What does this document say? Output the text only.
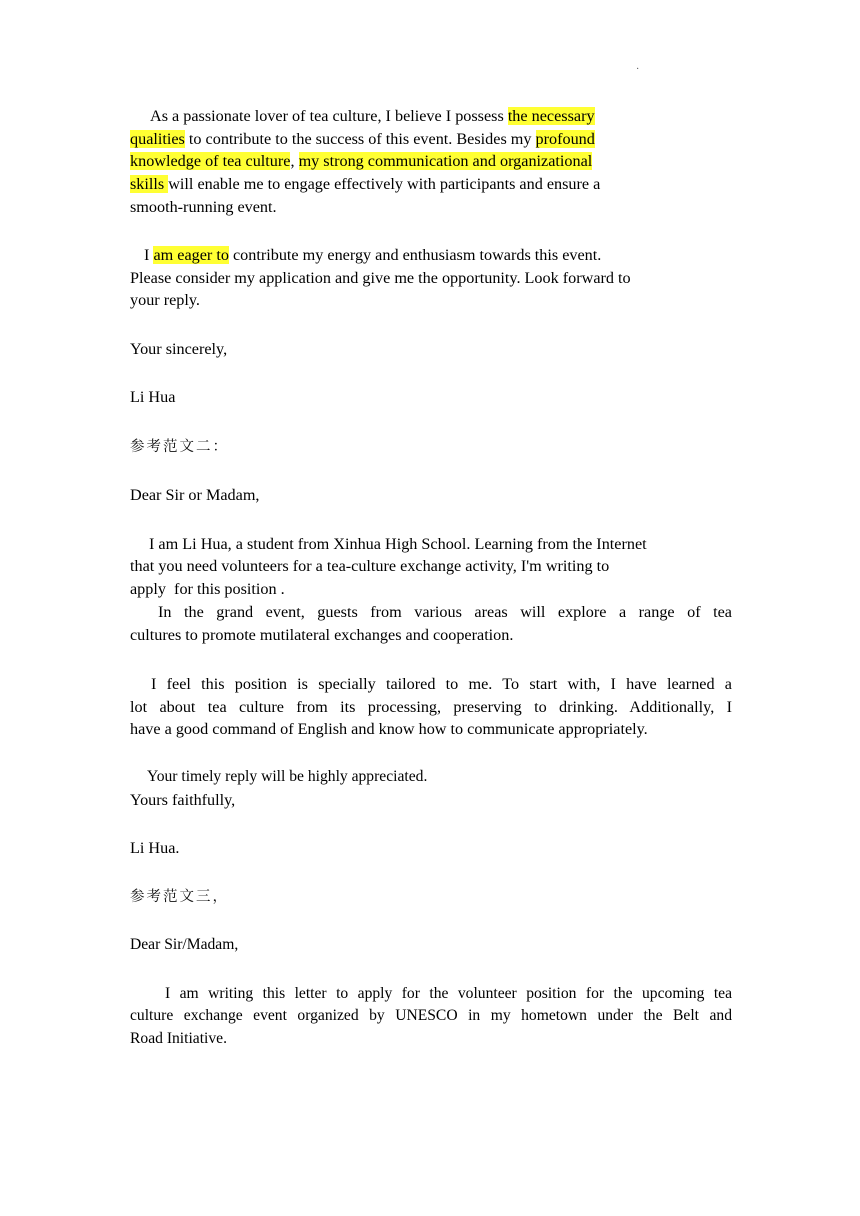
·
As a passionate lover of tea culture, I believe I possess the necessary
qualities to contribute to the success of this event. Besides my profound
knowledge of tea culture, my strong communication and organizational
skills will enable me to engage effectively with participants and ensure a
smooth-running event.
I am eager to contribute my energy and enthusiasm towards this event.
Please consider my application and give me the opportunity. Look forward to
your reply.
Your sincerely,
Li Hua
参考范文二：
Dear Sir or Madam,
I am Li Hua, a student from Xinhua High School. Learning from the Internet
that you need volunteers for a tea-culture exchange activity, I'm writing to
apply  for this position .
In the grand event, guests from various areas will explore a range of tea
cultures to promote mutilateral exchanges and cooperation.
I feel this position is specially tailored to me. To start with, I have learned a
lot about tea culture from its processing, preserving to drinking. Additionally, I
have a good command of English and know how to communicate appropriately.
Your timely reply will be highly appreciated.
Yours faithfully,
Li Hua.
参考范文三，
Dear Sir/Madam,
I am writing this letter to apply for the volunteer position for the upcoming tea
culture exchange event organized by UNESCO in my hometown under the Belt and
Road Initiative.
